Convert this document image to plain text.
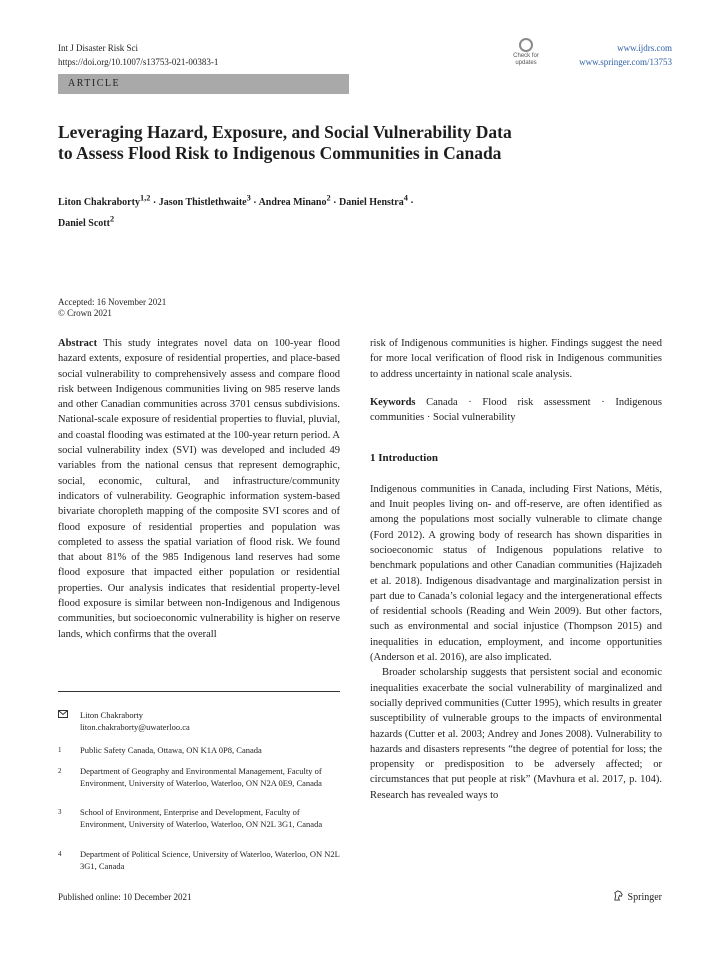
Int J Disaster Risk Sci
https://doi.org/10.1007/s13753-021-00383-1
Check for
updates
www.ijdrs.com
www.springer.com/13753
ARTICLE
Leveraging Hazard, Exposure, and Social Vulnerability Data
to Assess Flood Risk to Indigenous Communities in Canada
Liton Chakraborty$^{1,2}$ · Jason Thistlethwaite$^3$ · Andrea Minano$^2$ · Daniel Henstra$^4$ ·
Daniel Scott$^2$
Accepted: 16 November 2021
© Crown 2021

Abstract This study integrates novel data on 100-year flood hazard extents, exposure of residential properties, and place-based social vulnerability to comprehensively assess and compare flood risk between Indigenous communities living on 985 reserve lands and other Canadian communities across 3701 census subdivisions. National-scale exposure of residential properties to fluvial, pluvial, and coastal flooding was estimated at the 100-year return period. A social vulnerability index (SVI) was developed and included 49 variables from the national census that represent demographic, social, economic, cultural, and infrastructure/community indicators of vulnerability. Geographic information system-based bivariate choropleth mapping of the composite SVI scores and of flood exposure of residential properties and population was completed to assess the spatial variation of flood risk. We found that about 81% of the 985 Indigenous land reserves had some flood exposure that impacted either population or residential properties. Our analysis indicates that residential property-level flood exposure is similar between non-Indigenous and Indigenous communities, but socioeconomic vulnerability is higher on reserve lands, which confirms that the overall

risk of Indigenous communities is higher. Findings suggest the need for more local verification of flood risk in Indigenous communities to address uncertainty in national scale analysis.

Keywords Canada · Flood risk assessment · Indigenous communities · Social vulnerability

1 Introduction

Indigenous communities in Canada, including First Nations, Métis, and Inuit peoples living on- and off-reserve, are often identified as among the populations most socially vulnerable to climate change (Ford 2012). A growing body of research has shown disparities in socioeconomic status of Indigenous populations relative to benchmark populations and other Canadian communities (Hajizadeh et al. 2018). Indigenous disadvantage and marginalization persist in part due to Canada’s colonial legacy and the intergenerational effects of residential schools (Reading and Wein 2009). But other factors, such as environmental and social injustice (Thompson 2015) and inequalities in education, employment, and income opportunities (Anderson et al. 2016), are also implicated.

Broader scholarship suggests that persistent social and economic inequalities exacerbate the social vulnerability of marginalized and socially deprived communities (Cutter 1995), which results in greater susceptibility of vulnerable groups to the impacts of environmental hazards (Cutter et al. 2003; Andrey and Jones 2008). Vulnerability to hazards and disasters represents “the degree of potential for loss; the propensity or predisposition to be adversely affected; or circumstances that put people at risk” (Mavhura et al. 2017, p. 104). Research has revealed ways to

Liton Chakraborty
liton.chakraborty@uwaterloo.ca
1 Public Safety Canada, Ottawa, ON K1A 0P8, Canada
2 Department of Geography and Environmental Management, Faculty of Environment, University of Waterloo, Waterloo, ON N2A 0E9, Canada
3 School of Environment, Enterprise and Development, Faculty of Environment, University of Waterloo, Waterloo, ON N2L 3G1, Canada
4 Department of Political Science, University of Waterloo, Waterloo, ON N2L 3G1, Canada
Published online: 10 December 2021	Springer
